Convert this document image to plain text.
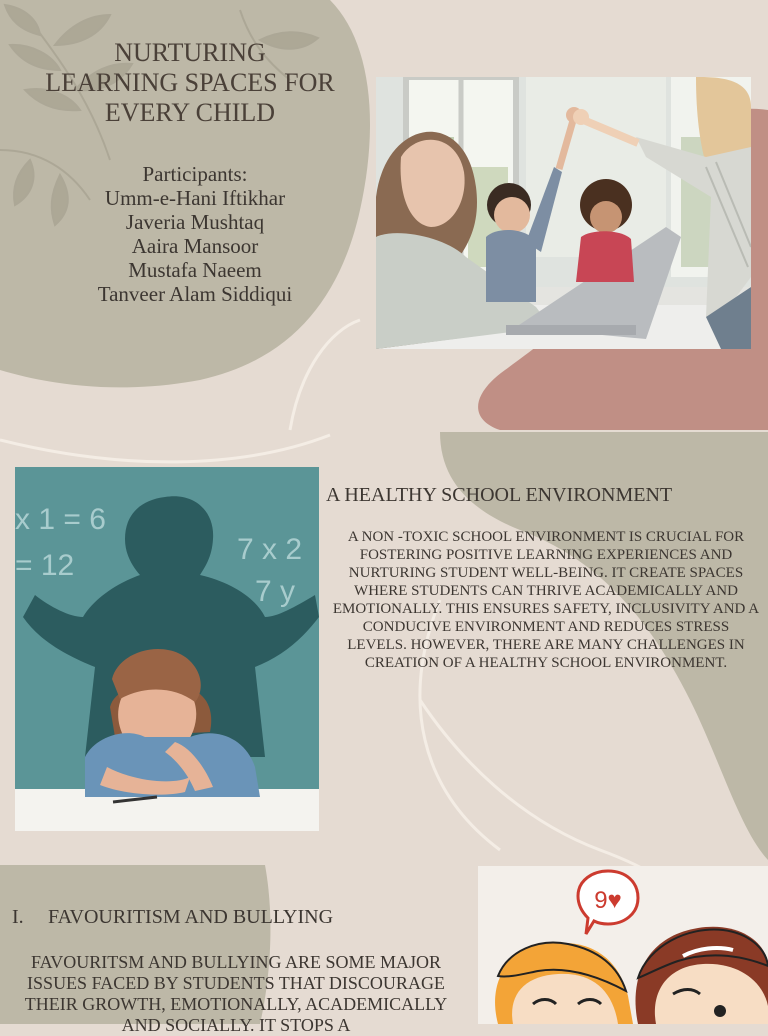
NURTURING
LEARNING SPACES FOR
EVERY CHILD
Participants:
Umm-e-Hani Iftikhar
Javeria Mushtaq
Aaira Mansoor
Mustafa Naeem
Tanveer Alam Siddiqui
x 1 = 6
= 12	7 x 2
7 y
A HEALTHY SCHOOL ENVIRONMENT
A NON -TOXIC SCHOOL ENVIRONMENT IS CRUCIAL FOR FOSTERING POSITIVE LEARNING EXPERIENCES AND NURTURING STUDENT WELL-BEING. IT CREATE SPACES WHERE STUDENTS CAN THRIVE ACADEMICALLY AND EMOTIONALLY. THIS ENSURES SAFETY, INCLUSIVITY AND A CONDUCIVE ENVIRONMENT AND REDUCES STRESS LEVELS. HOWEVER, THERE ARE MANY CHALLENGES IN CREATION OF A HEALTHY SCHOOL ENVIRONMENT.
I. FAVOURITISM AND BULLYING
FAVOURITSM AND BULLYING ARE SOME MAJOR ISSUES FACED BY STUDENTS THAT DISCOURAGE THEIR GROWTH, EMOTIONALLY, ACADEMICALLY AND SOCIALLY. IT STOPS A
9♥
